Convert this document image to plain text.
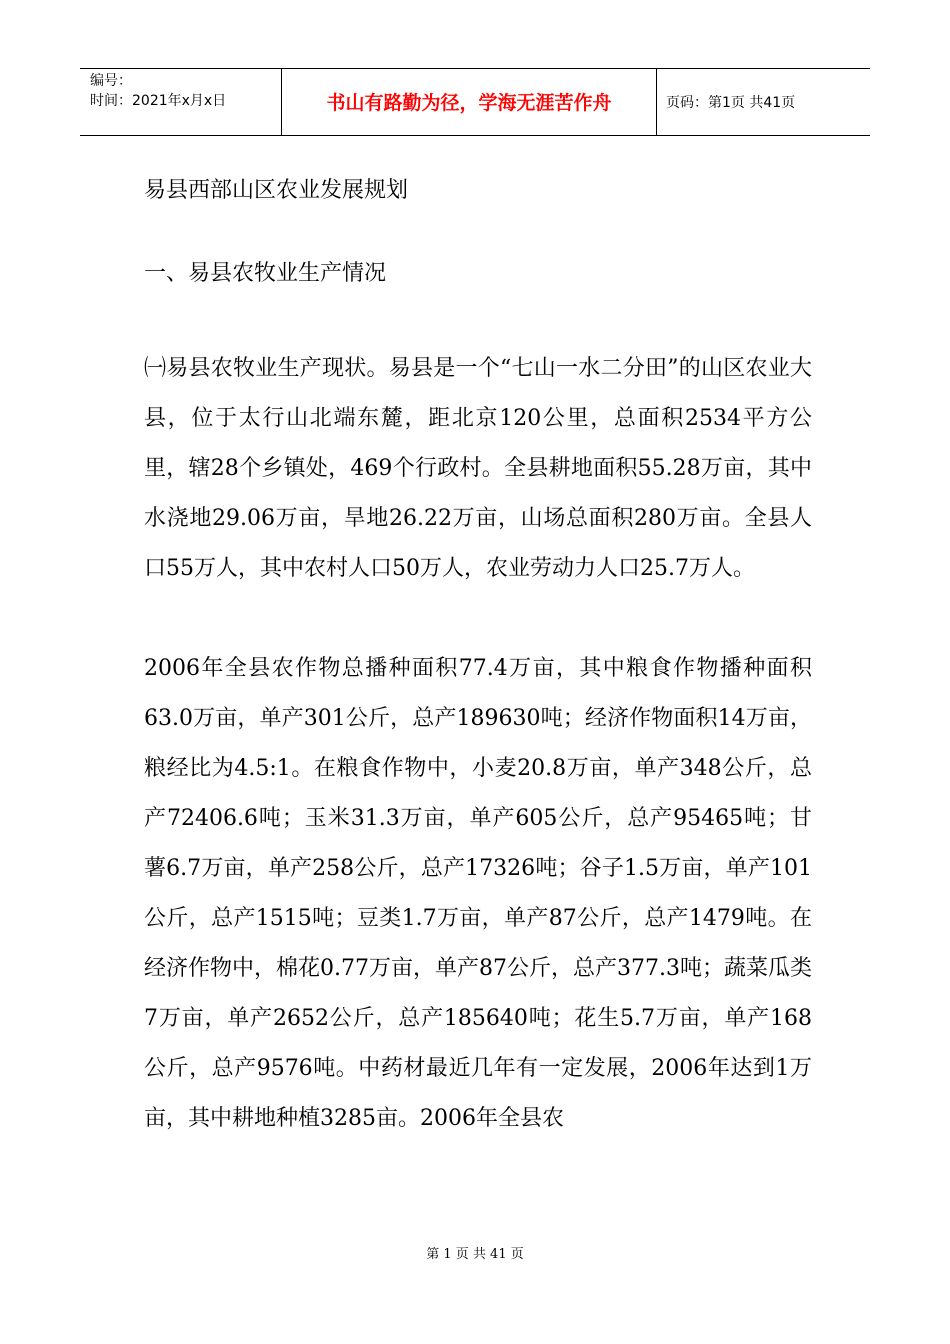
编号：
时间：2021年x月x日	书山有路勤为径，学海无涯苦作舟	页码：第1页 共41页

易县西部山区农业发展规划

一、易县农牧业生产情况

㈠易县农牧业生产现状。易县是一个“七山一水二分田”的山区农业大县，位于太行山北端东麓，距北京120公里，总面积2534平方公里，辖28个乡镇处，469个行政村。全县耕地面积55.28万亩，其中水浇地29.06万亩，旱地26.22万亩，山场总面积280万亩。全县人口55万人，其中农村人口50万人，农业劳动力人口25.7万人。

2006年全县农作物总播种面积77.4万亩，其中粮食作物播种面积63.0万亩，单产301公斤，总产189630吨；经济作物面积14万亩，粮经比为4.5:1。在粮食作物中，小麦20.8万亩，单产348公斤，总产72406.6吨；玉米31.3万亩，单产605公斤，总产95465吨；甘薯6.7万亩，单产258公斤，总产17326吨；谷子1.5万亩，单产101公斤，总产1515吨；豆类1.7万亩，单产87公斤，总产1479吨。在经济作物中，棉花0.77万亩，单产87公斤，总产377.3吨；蔬菜瓜类7万亩，单产2652公斤，总产185640吨；花生5.7万亩，单产168公斤，总产9576吨。中药材最近几年有一定发展，2006年达到1万亩，其中耕地种植3285亩。2006年全县农

第 1 页 共 41 页
